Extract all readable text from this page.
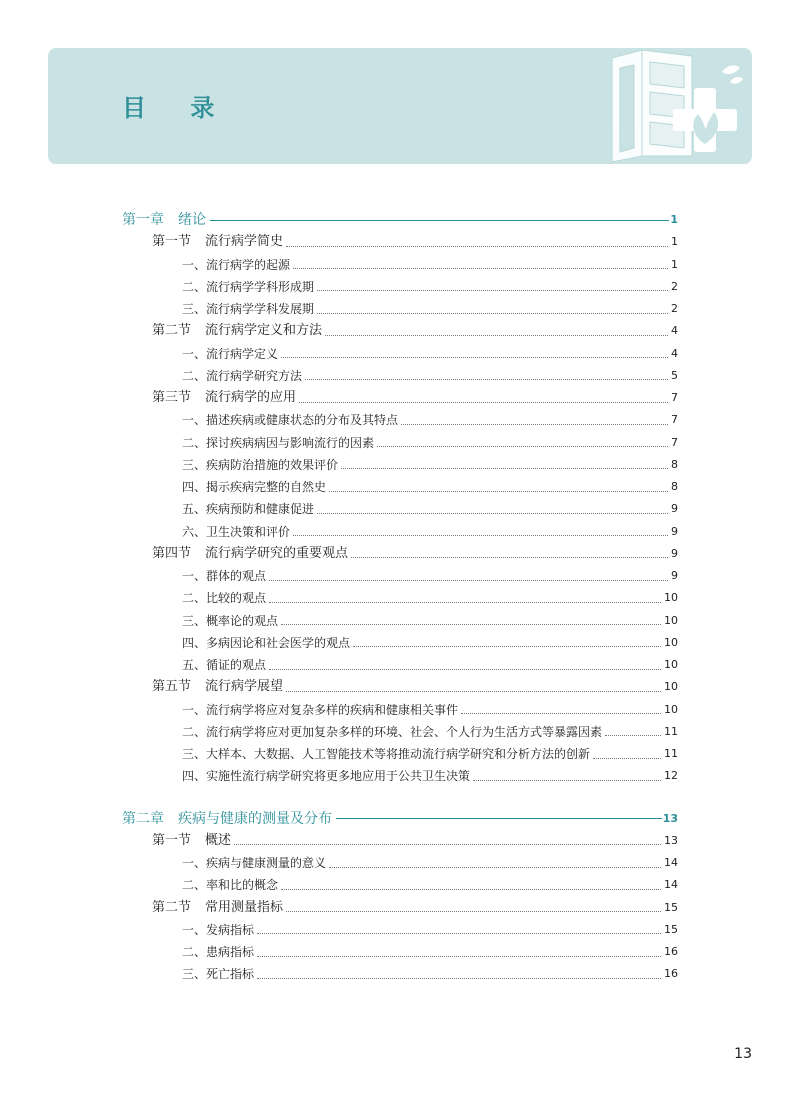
目 录
第一章 绪论	1
第一节 流行病学简史	1
一、流行病学的起源	1
二、流行病学学科形成期	2
三、流行病学学科发展期	2
第二节 流行病学定义和方法	4
一、流行病学定义	4
二、流行病学研究方法	5
第三节 流行病学的应用	7
一、描述疾病或健康状态的分布及其特点	7
二、探讨疾病病因与影响流行的因素	7
三、疾病防治措施的效果评价	8
四、揭示疾病完整的自然史	8
五、疾病预防和健康促进	9
六、卫生决策和评价	9
第四节 流行病学研究的重要观点	9
一、群体的观点	9
二、比较的观点	10
三、概率论的观点	10
四、多病因论和社会医学的观点	10
五、循证的观点	10
第五节 流行病学展望	10
一、流行病学将应对复杂多样的疾病和健康相关事件	10
二、流行病学将应对更加复杂多样的环境、社会、个人行为生活方式等暴露因素	11
三、大样本、大数据、人工智能技术等将推动流行病学研究和分析方法的创新	11
四、实施性流行病学研究将更多地应用于公共卫生决策	12
第二章 疾病与健康的测量及分布	13
第一节 概述	13
一、疾病与健康测量的意义	14
二、率和比的概念	14
第二节 常用测量指标	15
一、发病指标	15
二、患病指标	16
三、死亡指标	16
13
